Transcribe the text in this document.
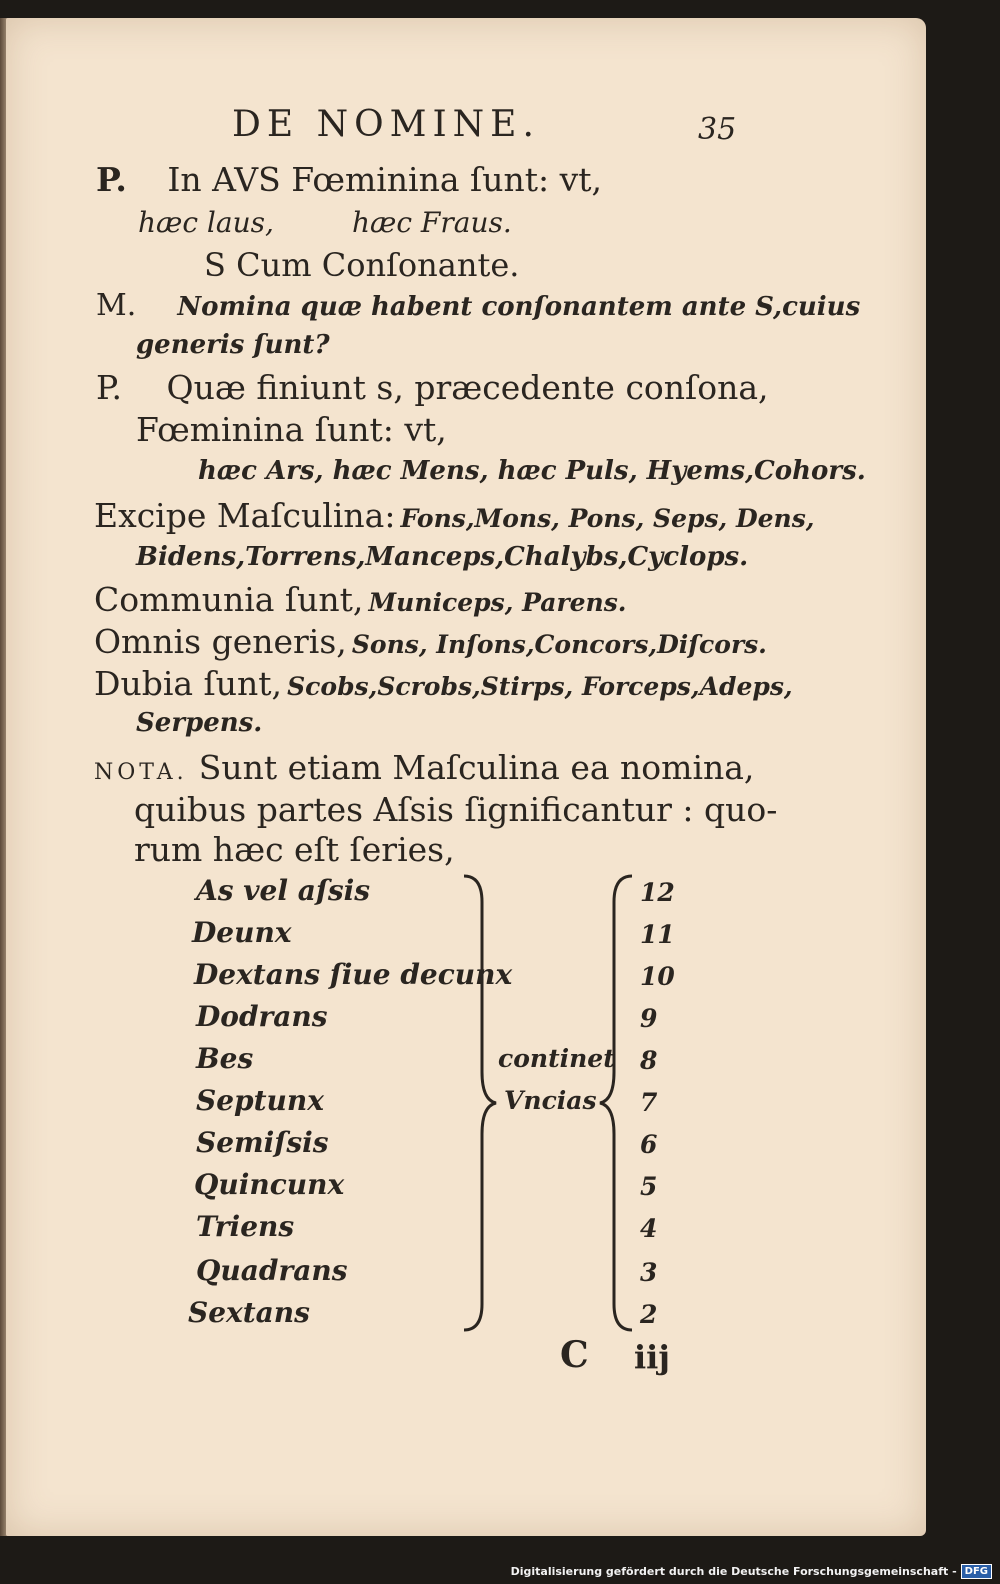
DE NOMINE.	35
P. In AVS Fœminina ſunt: vt,
hæc laus,	hæc Fraus.
S Cum Conſonante.
M. Nomina quæ habent conſonantem ante S,cuius
generis ſunt?
P. Quæ finiunt s, præcedente conſona,
Fœminina ſunt: vt,
hæc Ars, hæc Mens, hæc Puls, Hyems,Cohors.
Excipe Maſculina: Fons,Mons, Pons, Seps, Dens,
Bidens,Torrens,Manceps,Chalybs,Cyclops.
Communia ſunt, Municeps, Parens.
Omnis generis, Sons, Inſons,Concors,Diſcors.
Dubia ſunt, Scobs,Scrobs,Stirps, Forceps,Adeps,
Serpens.
NOTA. Sunt etiam Maſculina ea nomina,
quibus partes Aſsis ſignificantur : quo-
rum hæc eſt ſeries,
As vel aſsis
Deunx
Dextans ſiue decunx
Dodrans
Bes
Septunx
Semiſsis
Quincunx
Triens
Quadrans
Sextans
continet
Vncias
12
11
10
9
8
7
6
5
4
3
2
C iij
Digitalisierung gefördert durch die Deutsche Forschungsgemeinschaft - DFG
